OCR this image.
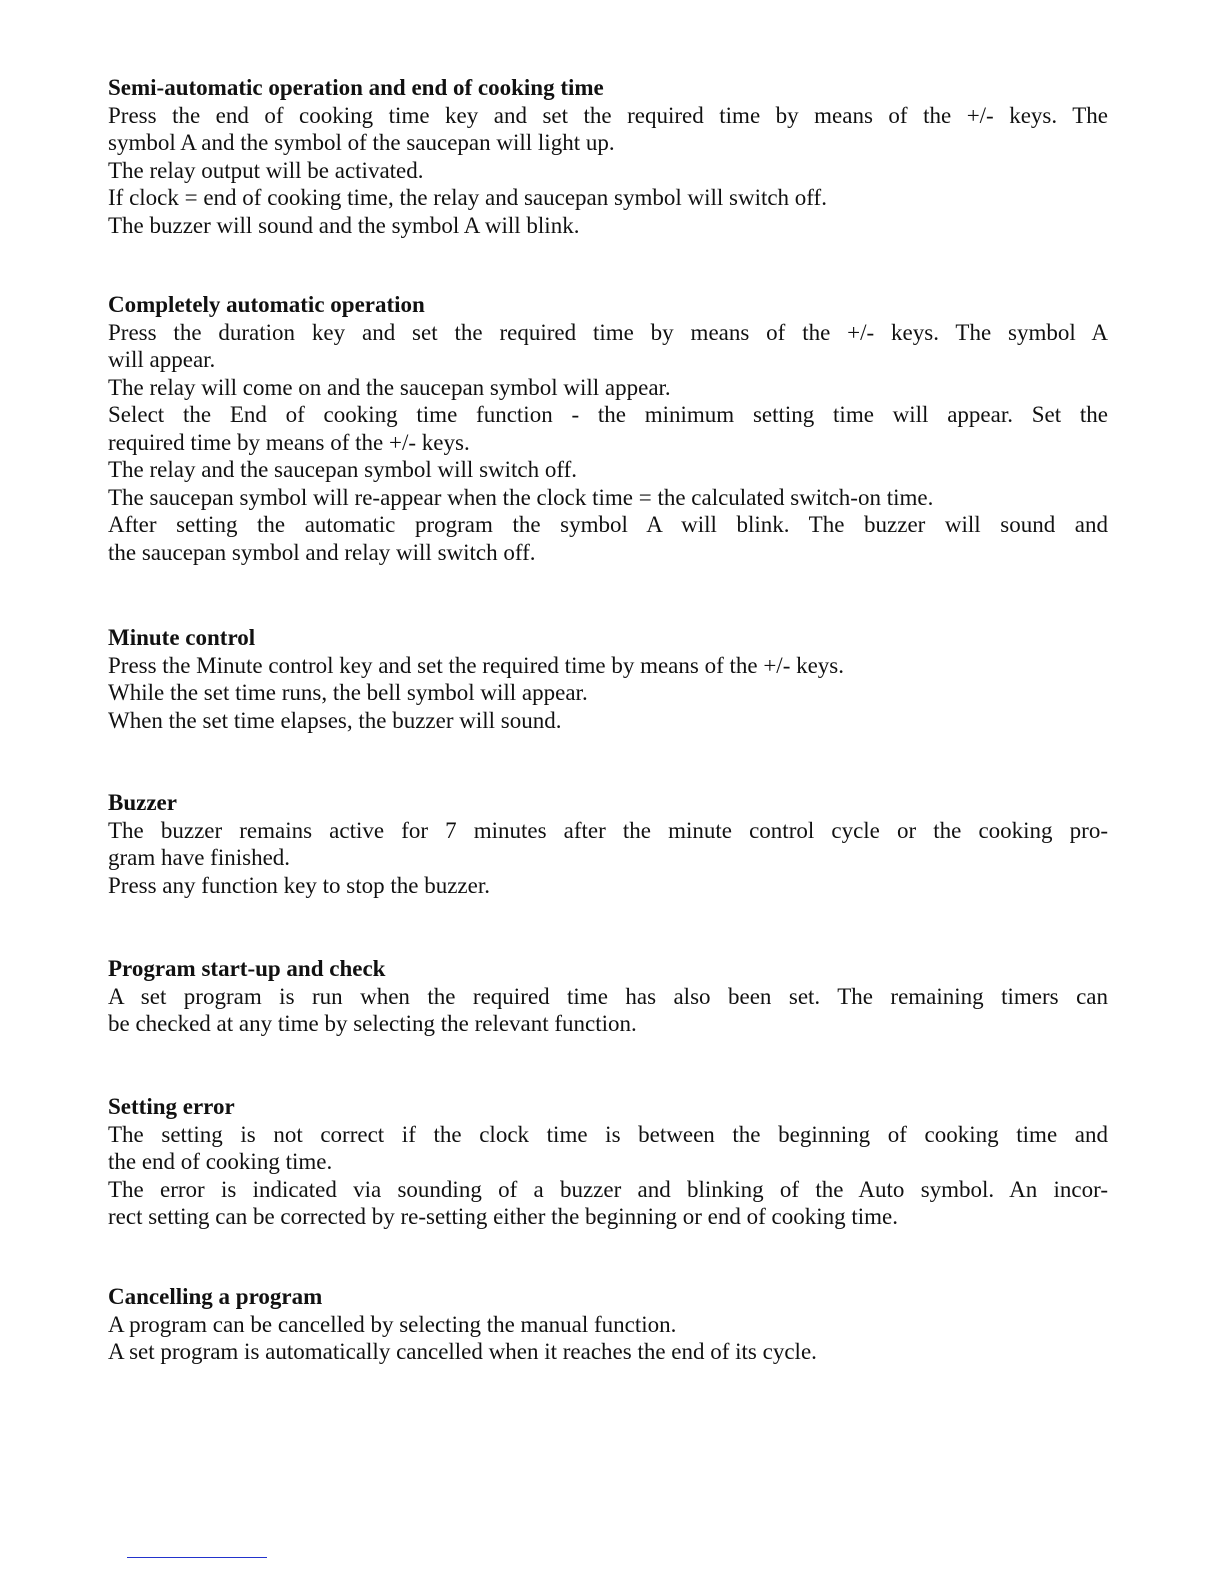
Semi-automatic operation and end of cooking time

Press the end of cooking time key and set the required time by means of the +/- keys. The
symbol A and the symbol of the saucepan will light up.
The relay output will be activated.
If clock = end of cooking time, the relay and saucepan symbol will switch off.
The buzzer will sound and the symbol A will blink.

Completely automatic operation

Press the duration key and set the required time by means of the +/- keys. The symbol A
will appear.
The relay will come on and the saucepan symbol will appear.
Select the End of cooking time function - the minimum setting time will appear. Set the
required time by means of the +/- keys.
The relay and the saucepan symbol will switch off.
The saucepan symbol will re-appear when the clock time = the calculated switch-on time.
After setting the automatic program the symbol A will blink. The buzzer will sound and
the saucepan symbol and relay will switch off.

Minute control

Press the Minute control key and set the required time by means of the +/- keys.
While the set time runs, the bell symbol will appear.
When the set time elapses, the buzzer will sound.

Buzzer

The buzzer remains active for 7 minutes after the minute control cycle or the cooking pro-
gram have finished.
Press any function key to stop the buzzer.

Program start-up and check

A set program is run when the required time has also been set. The remaining timers can
be checked at any time by selecting the relevant function.

Setting error

The setting is not correct if the clock time is between the beginning of cooking time and
the end of cooking time.
The error is indicated via sounding of a buzzer and blinking of the Auto symbol. An incor-
rect setting can be corrected by re-setting either the beginning or end of cooking time.

Cancelling a program

A program can be cancelled by selecting the manual function.
A set program is automatically cancelled when it reaches the end of its cycle.
